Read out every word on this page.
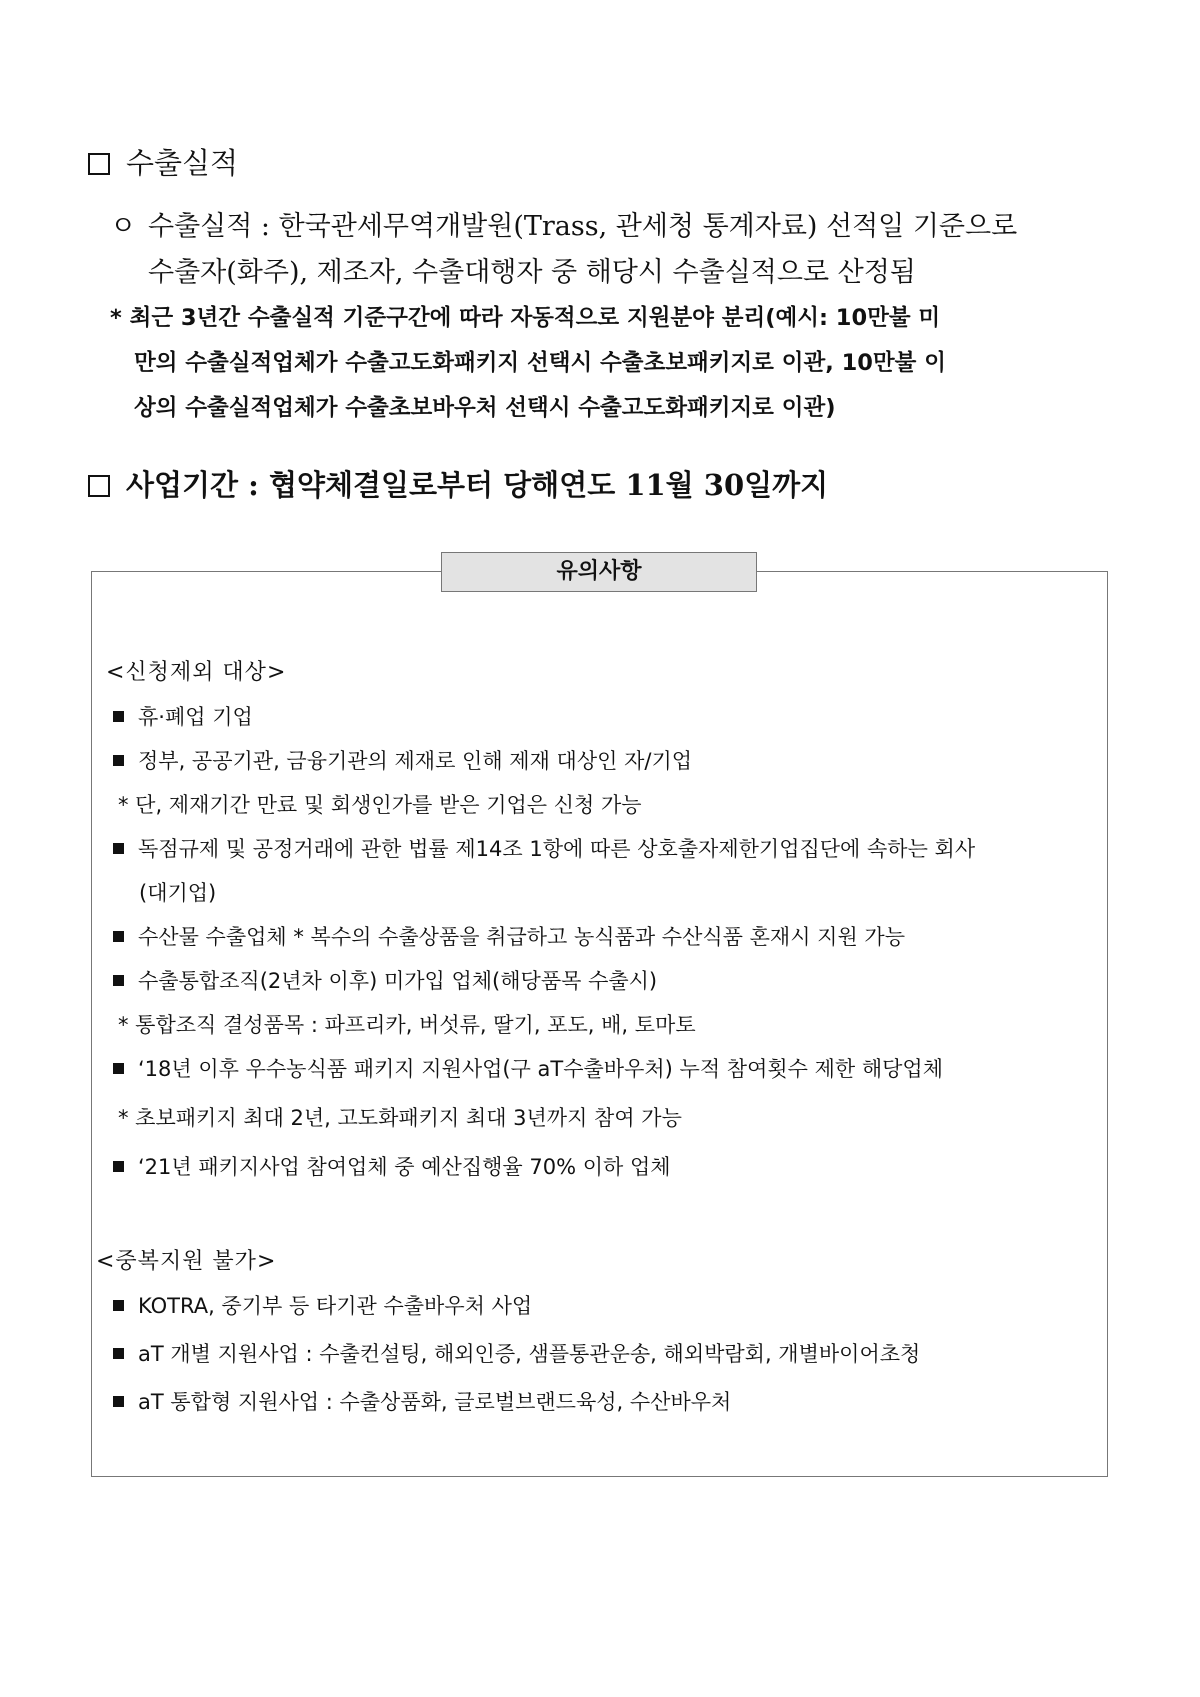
수출실적
ㅇ 수출실적 : 한국관세무역개발원(Trass, 관세청 통계자료) 선적일 기준으로
수출자(화주), 제조자, 수출대행자 중 해당시 수출실적으로 산정됨
* 최근 3년간 수출실적 기준구간에 따라 자동적으로 지원분야 분리(예시: 10만불 미
만의 수출실적업체가 수출고도화패키지 선택시 수출초보패키지로 이관, 10만불 이
상의 수출실적업체가 수출초보바우처 선택시 수출고도화패키지로 이관)
사업기간 : 협약체결일로부터 당해연도 11월 30일까지
유의사항
<신청제외 대상>
휴·폐업 기업
정부, 공공기관, 금융기관의 제재로 인해 제재 대상인 자/기업
* 단, 제재기간 만료 및 회생인가를 받은 기업은 신청 가능
독점규제 및 공정거래에 관한 법률 제14조 1항에 따른 상호출자제한기업집단에 속하는 회사
(대기업)
수산물 수출업체 * 복수의 수출상품을 취급하고 농식품과 수산식품 혼재시 지원 가능
수출통합조직(2년차 이후) 미가입 업체(해당품목 수출시)
* 통합조직 결성품목 : 파프리카, 버섯류, 딸기, 포도, 배, 토마토
‘18년 이후 우수농식품 패키지 지원사업(구 aT수출바우처) 누적 참여횟수 제한 해당업체
* 초보패키지 최대 2년, 고도화패키지 최대 3년까지 참여 가능
‘21년 패키지사업 참여업체 중 예산집행율 70% 이하 업체
<중복지원 불가>
KOTRA, 중기부 등 타기관 수출바우처 사업
aT 개별 지원사업 : 수출컨설팅, 해외인증, 샘플통관운송, 해외박람회, 개별바이어초청
aT 통합형 지원사업 : 수출상품화, 글로벌브랜드육성, 수산바우처
